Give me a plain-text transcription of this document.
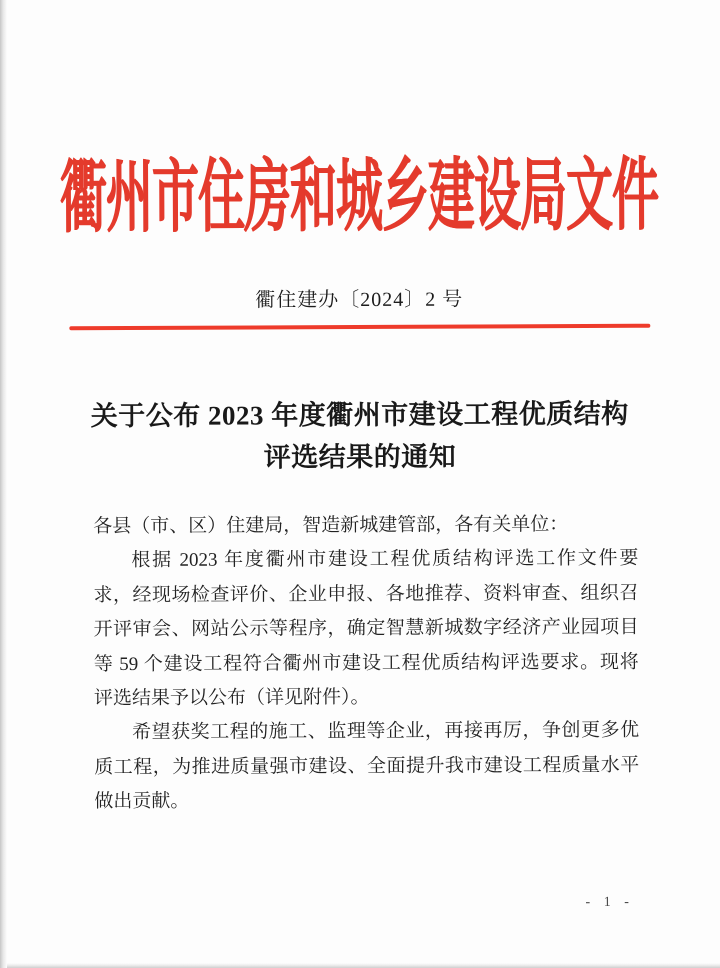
衢州市住房和城乡建设局文件
衢住建办〔2024〕2 号
关于公布 2023 年度衢州市建设工程优质结构
评选结果的通知
各县（市、区）住建局，智造新城建管部，各有关单位：
根据 2023 年度衢州市建设工程优质结构评选工作文件要
求，经现场检查评价、企业申报、各地推荐、资料审查、组织召
开评审会、网站公示等程序，确定智慧新城数字经济产业园项目
等 59 个建设工程符合衢州市建设工程优质结构评选要求。现将
评选结果予以公布（详见附件）。
希望获奖工程的施工、监理等企业，再接再厉，争创更多优
质工程，为推进质量强市建设、全面提升我市建设工程质量水平
做出贡献。
- 1 -
